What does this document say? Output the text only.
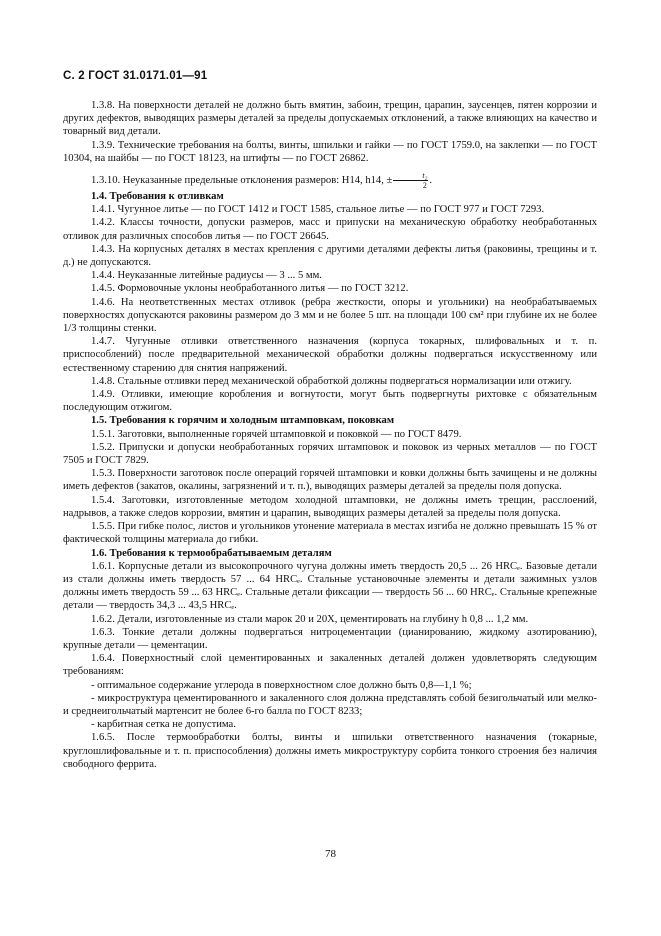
С. 2 ГОСТ 31.0171.01—91

1.3.8. На поверхности деталей не должно быть вмятин, забоин, трещин, царапин, заусенцев, пятен коррозии и других дефектов, выводящих размеры деталей за пределы допускаемых отклонений, а также влияющих на качество и товарный вид детали.

1.3.9. Технические требования на болты, винты, шпильки и гайки — по ГОСТ 1759.0, на заклепки — по ГОСТ 10304, на шайбы — по ГОСТ 18123, на штифты — по ГОСТ 26862.

1.3.10. Неуказанные предельные отклонения размеров: H14, h14, ± $\frac{\text{t₂}}{2}$ .

1.4. Требования к отливкам

1.4.1. Чугунное литье — по ГОСТ 1412 и ГОСТ 1585, стальное литье — по ГОСТ 977 и ГОСТ 7293.

1.4.2. Классы точности, допуски размеров, масс и припуски на механическую обработку необработанных отливок для различных способов литья — по ГОСТ 26645.

1.4.3. На корпусных деталях в местах крепления с другими деталями дефекты литья (раковины, трещины и т. д.) не допускаются.

1.4.4. Неуказанные литейные радиусы — 3 ... 5 мм.

1.4.5. Формовочные уклоны необработанного литья — по ГОСТ 3212.

1.4.6. На неответственных местах отливок (ребра жесткости, опоры и угольники) на необрабатываемых поверхностях допускаются раковины размером до 3 мм и не более 5 шт. на площади 100 см² при глубине их не более 1/3 толщины стенки.

1.4.7. Чугунные отливки ответственного назначения (корпуса токарных, шлифовальных и т. п. приспособлений) после предварительной механической обработки должны подвергаться искусственному или естественному старению для снятия напряжений.

1.4.8. Стальные отливки перед механической обработкой должны подвергаться нормализации или отжигу.

1.4.9. Отливки, имеющие коробления и вогнутости, могут быть подвергнуты рихтовке с обязательным последующим отжигом.

1.5. Требования к горячим и холодным штамповкам, поковкам

1.5.1. Заготовки, выполненные горячей штамповкой и поковкой — по ГОСТ 8479.

1.5.2. Припуски и допуски необработанных горячих штамповок и поковок из черных металлов — по ГОСТ 7505 и ГОСТ 7829.

1.5.3. Поверхности заготовок после операций горячей штамповки и ковки должны быть зачищены и не должны иметь дефектов (закатов, окалины, загрязнений и т. п.), выводящих размеры деталей за пределы поля допуска.

1.5.4. Заготовки, изготовленные методом холодной штамповки, не должны иметь трещин, расслоений, надрывов, а также следов коррозии, вмятин и царапин, выводящих размеры деталей за пределы поля допуска.

1.5.5. При гибке полос, листов и угольников утонение материала в местах изгиба не должно превышать 15 % от фактической толщины материала до гибки.

1.6. Требования к термообрабатываемым деталям

1.6.1. Корпусные детали из высокопрочного чугуна должны иметь твердость 20,5 ... 26 HRCₑ. Базовые детали из стали должны иметь твердость 57 ... 64 HRCₑ. Стальные установочные элементы и детали зажимных узлов должны иметь твердость 59 ... 63 HRCₑ. Стальные детали фиксации — твердость 56 ... 60 HRCₑ. Стальные крепежные детали — твердость 34,3 ... 43,5 HRCₑ.

1.6.2. Детали, изготовленные из стали марок 20 и 20Х, цементировать на глубину h 0,8 ... 1,2 мм.

1.6.3. Тонкие детали должны подвергаться нитроцементации (цианированию, жидкому азотированию), крупные детали — цементации.

1.6.4. Поверхностный слой цементированных и закаленных деталей должен удовлетворять следующим требованиям:

- оптимальное содержание углерода в поверхностном слое должно быть 0,8—1,1 %;

- микроструктура цементированного и закаленного слоя должна представлять собой безигольчатый или мелко- и среднеигольчатый мартенсит не более 6-го балла по ГОСТ 8233;

- карбитная сетка не допустима.

1.6.5. После термообработки болты, винты и шпильки ответственного назначения (токарные, круглошлифовальные и т. п. приспособления) должны иметь микроструктуру сорбита тонкого строения без наличия свободного феррита.

78
